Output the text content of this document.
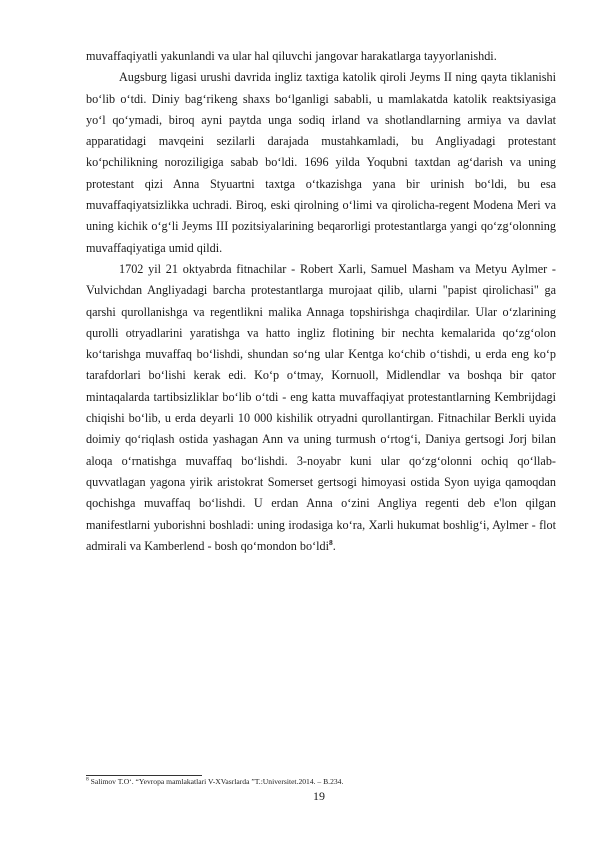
muvaffaqiyatli yakunlandi va ular hal qiluvchi jangovar harakatlarga tayyorlanishdi.

Augsburg ligasi urushi davrida ingliz taxtiga katolik qiroli Jeyms II ning qayta tiklanishi bo‘lib o‘tdi. Diniy bag‘rikeng shaxs bo‘lganligi sababli, u mamlakatda katolik reaktsiyasiga yo‘l qo‘ymadi, biroq ayni paytda unga sodiq irland va shotlandlarning armiya va davlat apparatidagi mavqeini sezilarli darajada mustahkamladi, bu Angliyadagi protestant ko‘pchilikning noroziligiga sabab bo‘ldi. 1696 yilda Yoqubni taxtdan ag‘darish va uning protestant qizi Anna Styuartni taxtga o‘tkazishga yana bir urinish bo‘ldi, bu esa muvaffaqiyatsizlikka uchradi. Biroq, eski qirolning o‘limi va qirolicha-regent Modena Meri va uning kichik o‘g‘li Jeyms III pozitsiyalarining beqarorligi protestantlarga yangi qo‘zg‘olonning muvaffaqiyatiga umid qildi.

1702 yil 21 oktyabrda fitnachilar - Robert Xarli, Samuel Masham va Metyu Aylmer - Vulvichdan Angliyadagi barcha protestantlarga murojaat qilib, ularni "papist qirolichasi" ga qarshi qurollanishga va regentlikni malika Annaga topshirishga chaqirdilar. Ular o‘zlarining qurolli otryadlarini yaratishga va hatto ingliz flotining bir nechta kemalarida qo‘zg‘olon ko‘tarishga muvaffaq bo‘lishdi, shundan so‘ng ular Kentga ko‘chib o‘tishdi, u erda eng ko‘p tarafdorlari bo‘lishi kerak edi. Ko‘p o‘tmay, Kornuoll, Midlendlar va boshqa bir qator mintaqalarda tartibsizliklar bo‘lib o‘tdi - eng katta muvaffaqiyat protestantlarning Kembrijdagi chiqishi bo‘lib, u erda deyarli 10 000 kishilik otryadni qurollantirgan. Fitnachilar Berkli uyida doimiy qo‘riqlash ostida yashagan Ann va uning turmush o‘rtog‘i, Daniya gertsogi Jorj bilan aloqa o‘rnatishga muvaffaq bo‘lishdi. 3-noyabr kuni ular qo‘zg‘olonni ochiq qo‘llab-quvvatlagan yagona yirik aristokrat Somerset gertsogi himoyasi ostida Syon uyiga qamoqdan qochishga muvaffaq bo‘lishdi. U erdan Anna o‘zini Angliya regenti deb e'lon qilgan manifestlarni yuborishni boshladi: uning irodasiga ko‘ra, Xarli hukumat boshlig‘i, Aylmer - flot admirali va Kamberlend - bosh qo‘mondon bo‘ldi$^8$.

$^8$ Salimov T.O‘. “Yevropa mamlakatlari V-XVasrlarda ”T.:Universitet.2014. – B.234.
19
